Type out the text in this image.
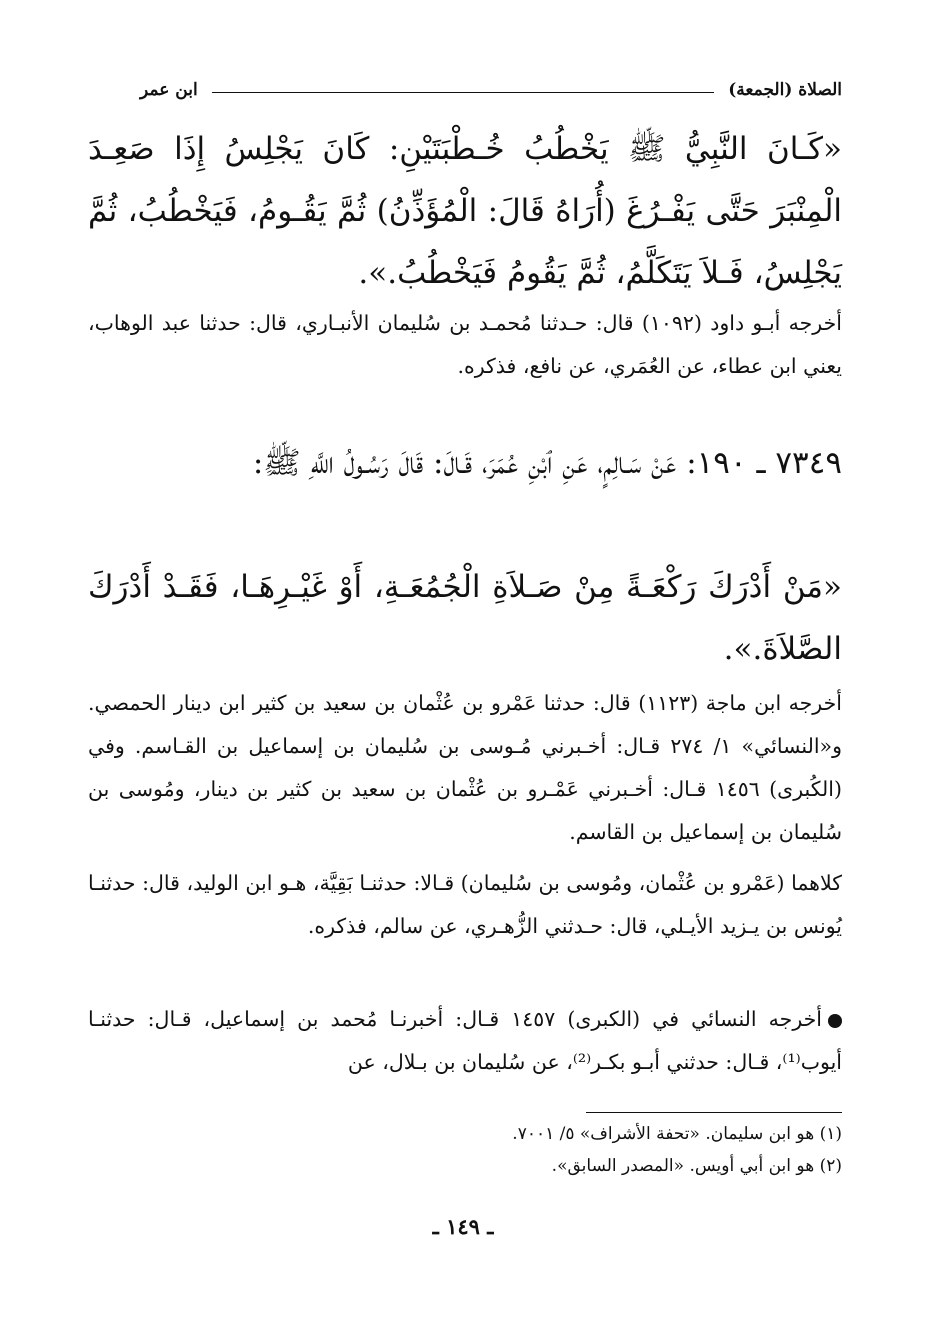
الصلاة (الجمعة)
ابن عمر
«كَـانَ النَّبِيُّ ﷺ يَخْطُبُ خُـطْبَتَيْنِ: كَانَ يَجْلِسُ إِذَا صَعِـدَ الْمِنْبَرَ حَتَّى يَفْـرُغَ (أُرَاهُ قَالَ: الْمُؤَذِّنُ) ثُمَّ يَقُـومُ، فَيَخْطُبُ، ثُمَّ يَجْلِسُ، فَـلاَ يَتَكَلَّمُ، ثُمَّ يَقُومُ فَيَخْطُبُ.».
أخرجه أبـو داود (١٠٩٢) قال: حـدثنا مُحمـد بن سُليمان الأنبـاري، قال: حدثنا عبد الوهاب، يعني ابن عطاء، عن العُمَري، عن نافع، فذكره.
٧٣٤٩ ـ ١٩٠: عَنْ سَـالِمٍ، عَنِ ٱبْنِ عُمَرَ، قَـالَ: قَالَ رَسُـولُ اللَّهِ ﷺ:
«مَنْ أَدْرَكَ رَكْعَـةً مِنْ صَـلاَةِ الْجُمُعَـةِ، أَوْ غَيْـرِهَـا، فَقَـدْ أَدْرَكَ الصَّلاَةَ.».
أخرجه ابن ماجة (١١٢٣) قال: حدثنا عَمْرو بن عُثْمان بن سعيد بن كثير ابن دينار الحمصي. و«النسائي» ١/ ٢٧٤ قـال: أخـبرني مُـوسى بن سُليمان بن إسماعيل بن القـاسم. وفي (الكُبرى) ١٤٥٦ قـال: أخـبرني عَمْـرو بن عُثْمان بن سعيد بن كثير بن دينار، ومُوسى بن سُليمان بن إسماعيل بن القاسم.
كلاهما (عَمْرو بن عُثْمان، ومُوسى بن سُليمان) قـالا: حدثنـا بَقِيَّة، هـو ابن الوليد، قال: حدثنـا يُونس بن يـزيد الأيـلي، قال: حـدثني الزُّهـري، عن سالم، فذكره.
أخرجه النسائي في (الكبرى) ١٤٥٧ قـال: أخبرنـا مُحمد بن إسماعيل، قـال: حدثنـا أيوب⁽¹⁾، قـال: حدثني أبـو بكـر⁽²⁾، عن سُليمان بن بـلال، عن
(١) هو ابن سليمان. «تحفة الأشراف» ٥/ ٧٠٠١.
(٢) هو ابن أبي أويس. «المصدر السابق».
ـ ١٤٩ ـ
